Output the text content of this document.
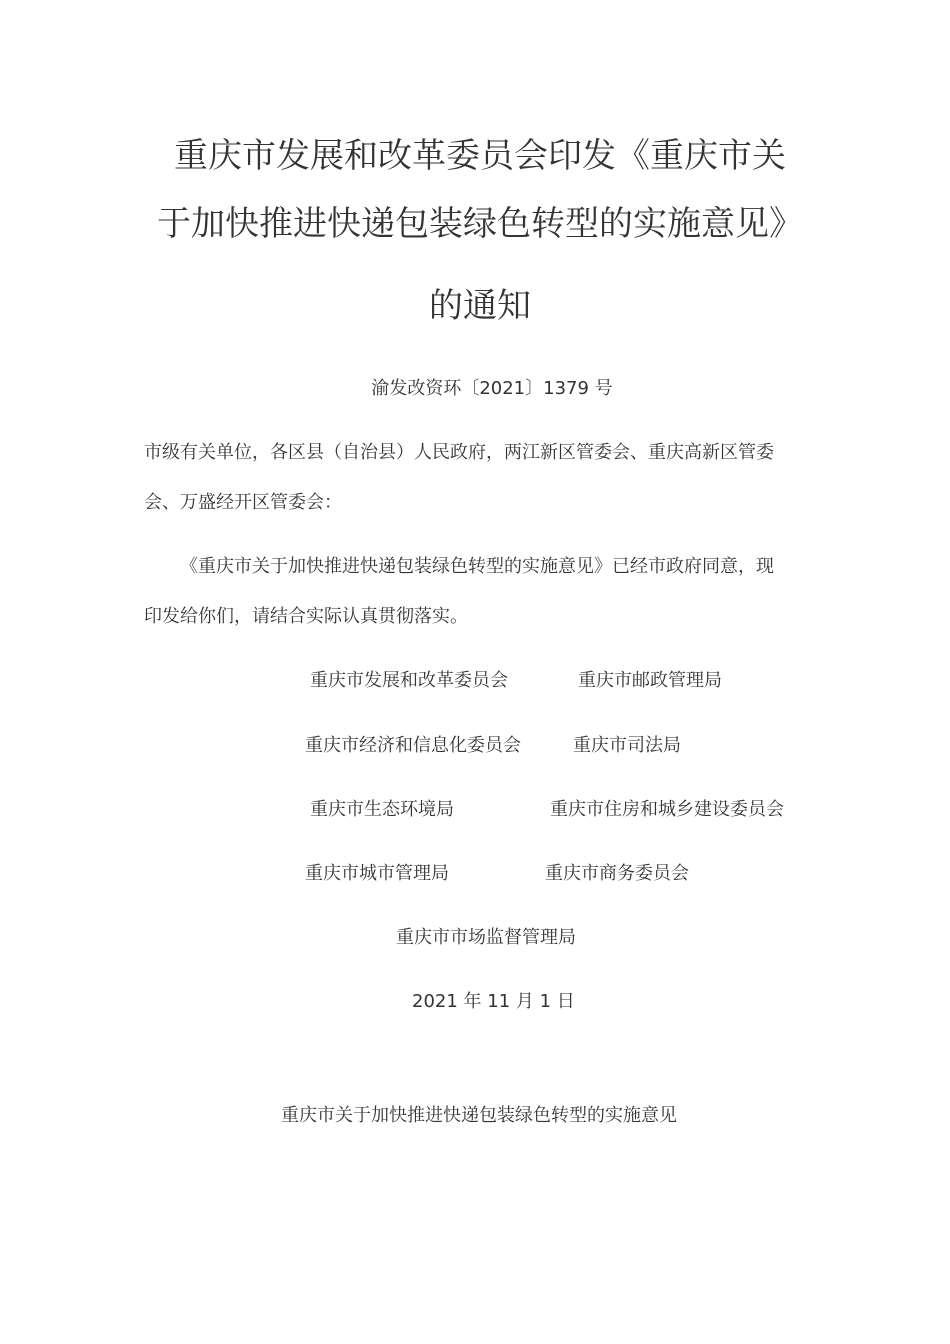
重庆市发展和改革委员会印发《重庆市关
于加快推进快递包装绿色转型的实施意见》
的通知
渝发改资环〔2021〕1379 号
市级有关单位，各区县（自治县）人民政府，两江新区管委会、重庆高新区管委
会、万盛经开区管委会：
《重庆市关于加快推进快递包装绿色转型的实施意见》已经市政府同意，现
印发给你们，请结合实际认真贯彻落实。
重庆市发展和改革委员会	重庆市邮政管理局
重庆市经济和信息化委员会	重庆市司法局
重庆市生态环境局	重庆市住房和城乡建设委员会
重庆市城市管理局	重庆市商务委员会
重庆市市场监督管理局
2021 年 11 月 1 日
重庆市关于加快推进快递包装绿色转型的实施意见
